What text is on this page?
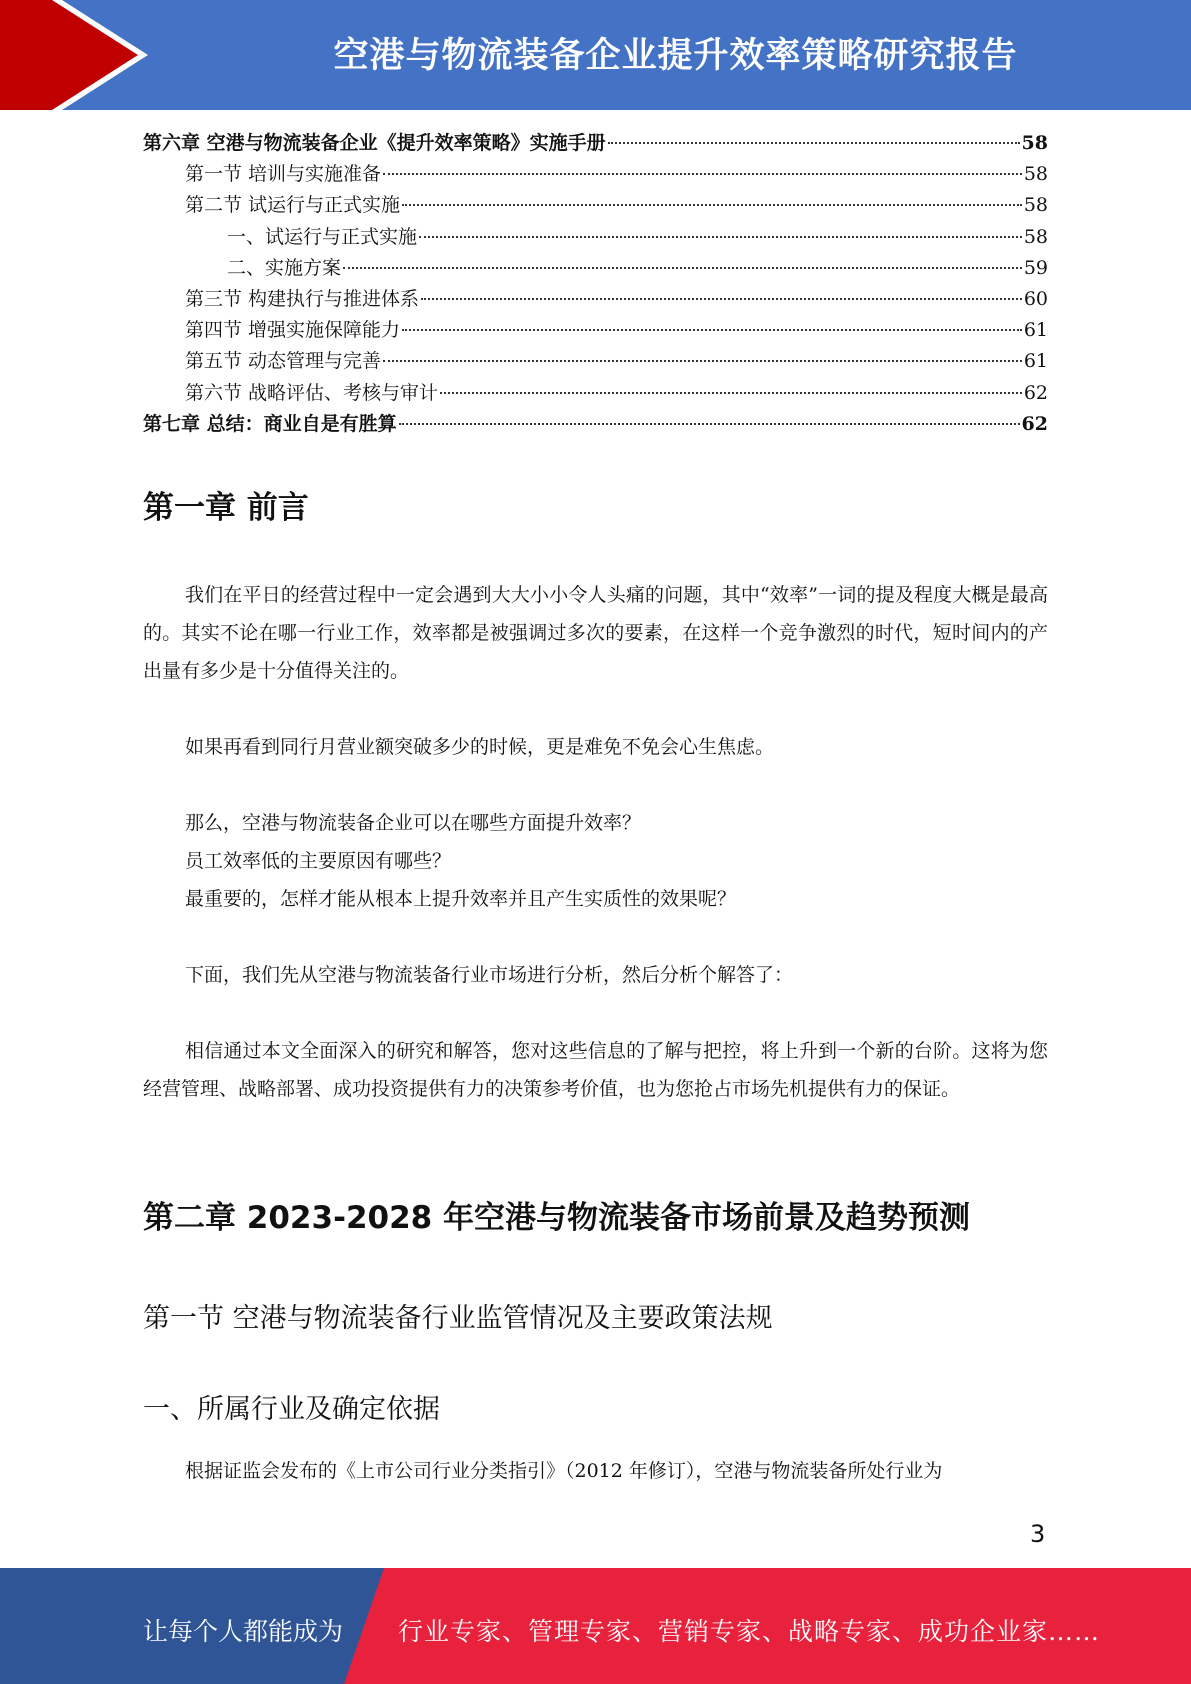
空港与物流装备企业提升效率策略研究报告
第六章 空港与物流装备企业《提升效率策略》实施手册	58
第一节 培训与实施准备	58
第二节 试运行与正式实施	58
一、试运行与正式实施	58
二、实施方案	59
第三节 构建执行与推进体系	60
第四节 增强实施保障能力	61
第五节 动态管理与完善	61
第六节 战略评估、考核与审计	62
第七章 总结：商业自是有胜算	62
第一章 前言

我们在平日的经营过程中一定会遇到大大小小令人头痛的问题，其中“效率”一词的提及程度大概是最高的。其实不论在哪一行业工作，效率都是被强调过多次的要素，在这样一个竞争激烈的时代，短时间内的产出量有多少是十分值得关注的。

如果再看到同行月营业额突破多少的时候，更是难免不免会心生焦虑。

那么，空港与物流装备企业可以在哪些方面提升效率？

员工效率低的主要原因有哪些？

最重要的，怎样才能从根本上提升效率并且产生实质性的效果呢？

下面，我们先从空港与物流装备行业市场进行分析，然后分析个解答了：

相信通过本文全面深入的研究和解答，您对这些信息的了解与把控，将上升到一个新的台阶。这将为您经营管理、战略部署、成功投资提供有力的决策参考价值，也为您抢占市场先机提供有力的保证。

第二章 2023-2028 年空港与物流装备市场前景及趋势预测
第一节 空港与物流装备行业监管情况及主要政策法规
一、所属行业及确定依据

根据证监会发布的《上市公司行业分类指引》（2012 年修订），空港与物流装备所处行业为

3
让每个人都能成为 行业专家、管理专家、营销专家、战略专家、成功企业家……
